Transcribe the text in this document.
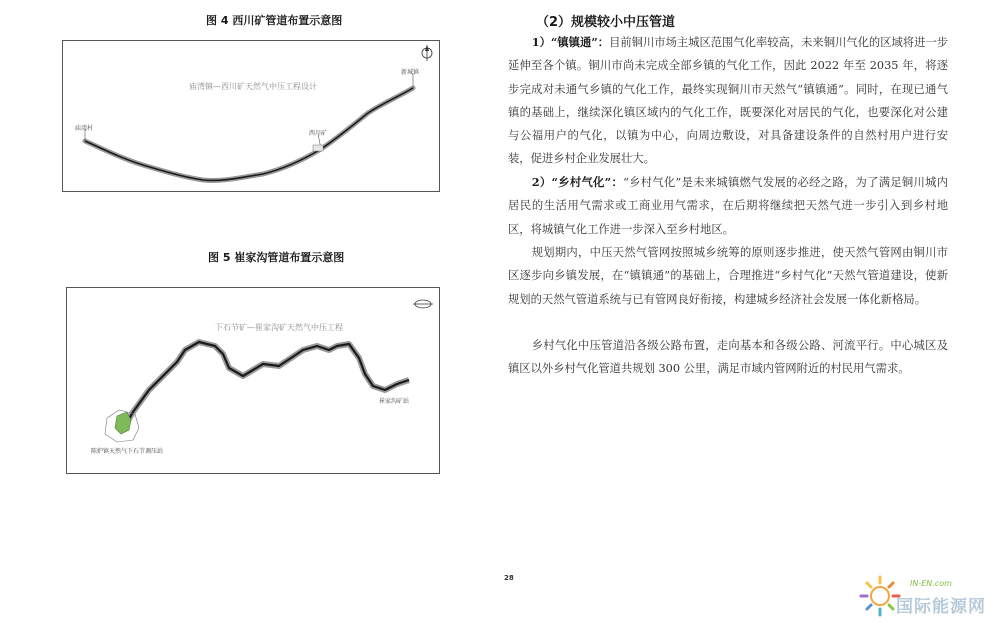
图 4 西川矿管道布置示意图
庙湾镇—西川矿天然气中压工程设计
新城镇
庙湾村
西川矿
图 5 崔家沟管道布置示意图
下石节矿—崔家沟矿天然气中压工程
崔家沟矿站
陈炉镇天然气下石节调压站
（2）规模较小中压管道

1）“镇镇通”：目前铜川市场主城区范围气化率较高，未来铜川气化的区域将进一步延伸至各个镇。铜川市尚未完成全部乡镇的气化工作，因此 2022 年至 2035 年，将逐步完成对未通气乡镇的气化工作，最终实现铜川市天然气“镇镇通”。同时，在现已通气镇的基础上，继续深化镇区域内的气化工作，既要深化对居民的气化，也要深化对公建与公福用户的气化，以镇为中心，向周边敷设，对具备建设条件的自然村用户进行安装，促进乡村企业发展壮大。

2）“乡村气化”：“乡村气化”是未来城镇燃气发展的必经之路，为了满足铜川城内居民的生活用气需求或工商业用气需求，在后期将继续把天然气进一步引入到乡村地区，将城镇气化工作进一步深入至乡村地区。

规划期内，中压天然气管网按照城乡统筹的原则逐步推进，使天然气管网由铜川市区逐步向乡镇发展，在“镇镇通”的基础上，合理推进“乡村气化”天然气管道建设，使新规划的天然气管道系统与已有管网良好衔接，构建城乡经济社会发展一体化新格局。

乡村气化中压管道沿各级公路布置，走向基本和各级公路、河流平行。中心城区及镇区以外乡村气化管道共规划 300 公里，满足市域内管网附近的村民用气需求。

28
IN-EN.com
国际能源网
